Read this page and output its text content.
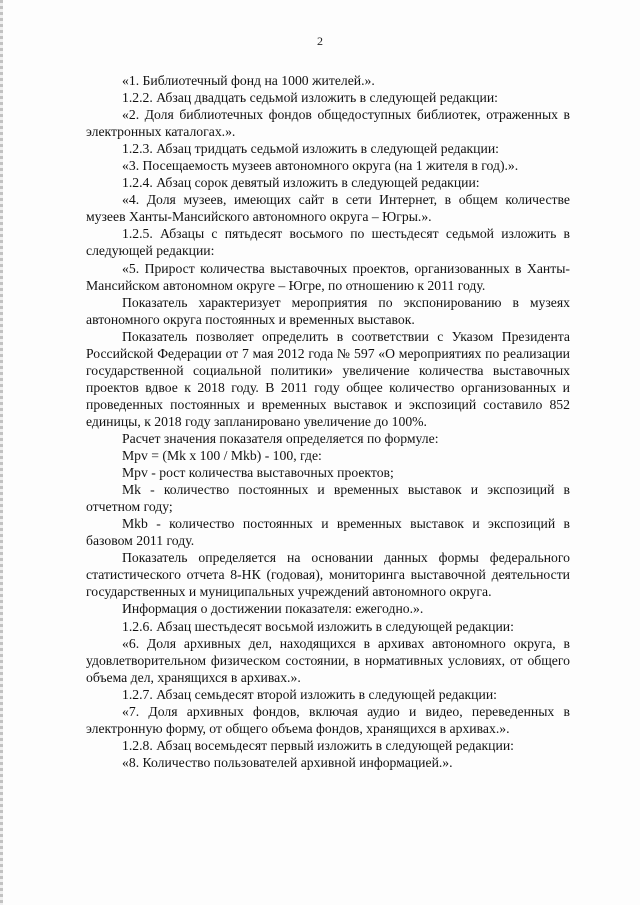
2

«1. Библиотечный фонд на 1000 жителей.».

1.2.2. Абзац двадцать седьмой изложить в следующей редакции:

«2. Доля библиотечных фондов общедоступных библиотек, отраженных в электронных каталогах.».

1.2.3. Абзац тридцать седьмой изложить в следующей редакции:

«3. Посещаемость музеев автономного округа (на 1 жителя в год).».

1.2.4. Абзац сорок девятый изложить в следующей редакции:

«4. Доля музеев, имеющих сайт в сети Интернет, в общем количестве музеев Ханты-Мансийского автономного округа – Югры.».

1.2.5. Абзацы с пятьдесят восьмого по шестьдесят седьмой изложить в следующей редакции:

«5. Прирост количества выставочных проектов, организованных в Ханты-Мансийском автономном округе – Югре, по отношению к 2011 году.

Показатель характеризует мероприятия по экспонированию в музеях автономного округа постоянных и временных выставок.

Показатель позволяет определить в соответствии с Указом Президента Российской Федерации от 7 мая 2012 года № 597 «О мероприятиях по реализации государственной социальной политики» увеличение количества выставочных проектов вдвое к 2018 году. В 2011 году общее количество организованных и проведенных постоянных и временных выставок и экспозиций составило 852 единицы, к 2018 году запланировано увеличение до 100%.

Расчет значения показателя определяется по формуле:

Mpv = (Mk x 100 / Mkb) - 100, где:

Mpv - рост количества выставочных проектов;

Mk - количество постоянных и временных выставок и экспозиций в отчетном году;

Mkb - количество постоянных и временных выставок и экспозиций в базовом 2011 году.

Показатель определяется на основании данных формы федерального статистического отчета 8-НК (годовая), мониторинга выставочной деятельности государственных и муниципальных учреждений автономного округа.

Информация о достижении показателя: ежегодно.».

1.2.6. Абзац шестьдесят восьмой изложить в следующей редакции:

«6. Доля архивных дел, находящихся в архивах автономного округа, в удовлетворительном физическом состоянии, в нормативных условиях, от общего объема дел, хранящихся в архивах.».

1.2.7. Абзац семьдесят второй изложить в следующей редакции:

«7. Доля архивных фондов, включая аудио и видео, переведенных в электронную форму, от общего объема фондов, хранящихся в архивах.».

1.2.8. Абзац восемьдесят первый изложить в следующей редакции:

«8. Количество пользователей архивной информацией.».
